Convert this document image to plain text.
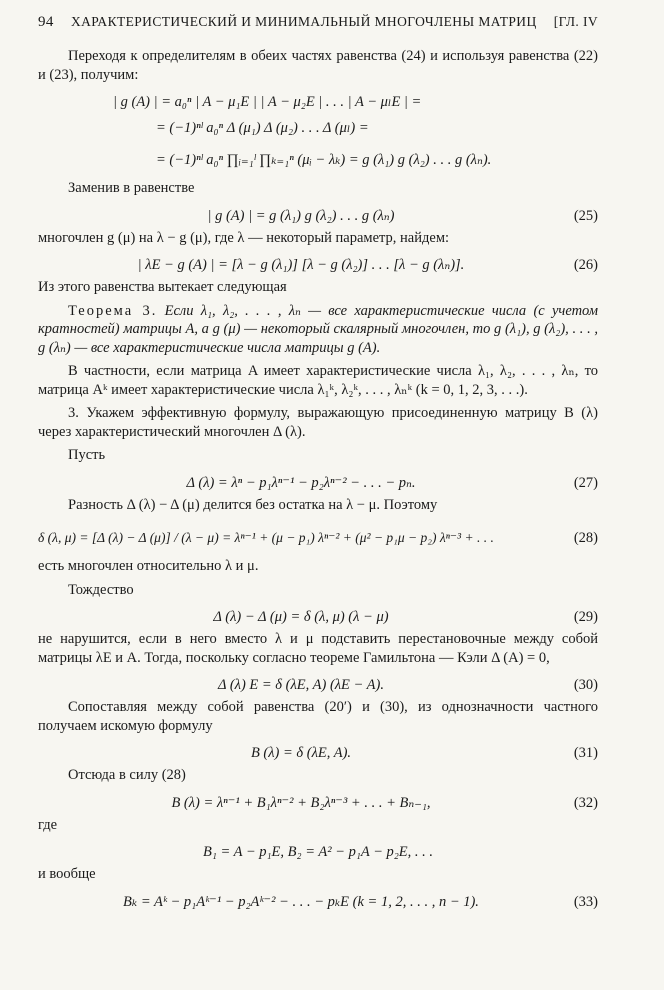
94 ХАРАКТЕРИСТИЧЕСКИЙ И МИНИМАЛЬНЫЙ МНОГОЧЛЕНЫ МАТРИЦ [ГЛ. IV

Переходя к определителям в обеих частях равенства (24) и используя равенства (22) и (23), получим:

| g (A) | = a₀ⁿ | A − μ₁E | | A − μ₂E | . . . | A − μₗE | =
= (−1)ⁿˡ a₀ⁿ Δ (μ₁) Δ (μ₂) . . . Δ (μₗ) =
= (−1)ⁿˡ a₀ⁿ ∏ᵢ₌₁ˡ ∏ₖ₌₁ⁿ (μᵢ − λₖ) = g (λ₁) g (λ₂) . . . g (λₙ).

Заменив в равенстве

| g (A) | = g (λ₁) g (λ₂) . . . g (λₙ)	(25)

многочлен g (μ) на λ − g (μ), где λ — некоторый параметр, найдем:

| λE − g (A) | = [λ − g (λ₁)] [λ − g (λ₂)] . . . [λ − g (λₙ)].	(26)

Из этого равенства вытекает следующая

Теорема 3. Если λ₁, λ₂, . . . , λₙ — все характеристические числа (с учетом кратностей) матрицы A, а g (μ) — некоторый скалярный многочлен, то g (λ₁), g (λ₂), . . . , g (λₙ) — все характеристические числа матрицы g (A).

В частности, если матрица A имеет характеристические числа λ₁, λ₂, . . . , λₙ, то матрица Aᵏ имеет характеристические числа λ₁ᵏ, λ₂ᵏ, . . . , λₙᵏ (k = 0, 1, 2, 3, . . .).

3. Укажем эффективную формулу, выражающую присоединенную матрицу B (λ) через характеристический многочлен Δ (λ).

Пусть

Δ (λ) = λⁿ − p₁λⁿ⁻¹ − p₂λⁿ⁻² − . . . − pₙ.	(27)

Разность Δ (λ) − Δ (μ) делится без остатка на λ − μ. Поэтому

δ (λ, μ) = [Δ (λ) − Δ (μ)] / (λ − μ) = λⁿ⁻¹ + (μ − p₁) λⁿ⁻² + (μ² − p₁μ − p₂) λⁿ⁻³ + . . .	(28)

есть многочлен относительно λ и μ.

Тождество

Δ (λ) − Δ (μ) = δ (λ, μ) (λ − μ)	(29)

не нарушится, если в него вместо λ и μ подставить перестановочные между собой матрицы λE и A. Тогда, поскольку согласно теореме Гамильтона — Кэли Δ (A) = 0,

Δ (λ) E = δ (λE, A) (λE − A).	(30)

Сопоставляя между собой равенства (20′) и (30), из однозначности частного получаем искомую формулу

B (λ) = δ (λE, A).	(31)

Отсюда в силу (28)

B (λ) = λⁿ⁻¹ + B₁λⁿ⁻² + B₂λⁿ⁻³ + . . . + Bₙ₋₁,	(32)

где

B₁ = A − p₁E, B₂ = A² − p₁A − p₂E, . . .

и вообще

Bₖ = Aᵏ − p₁Aᵏ⁻¹ − p₂Aᵏ⁻² − . . . − pₖE (k = 1, 2, . . . , n − 1).	(33)
